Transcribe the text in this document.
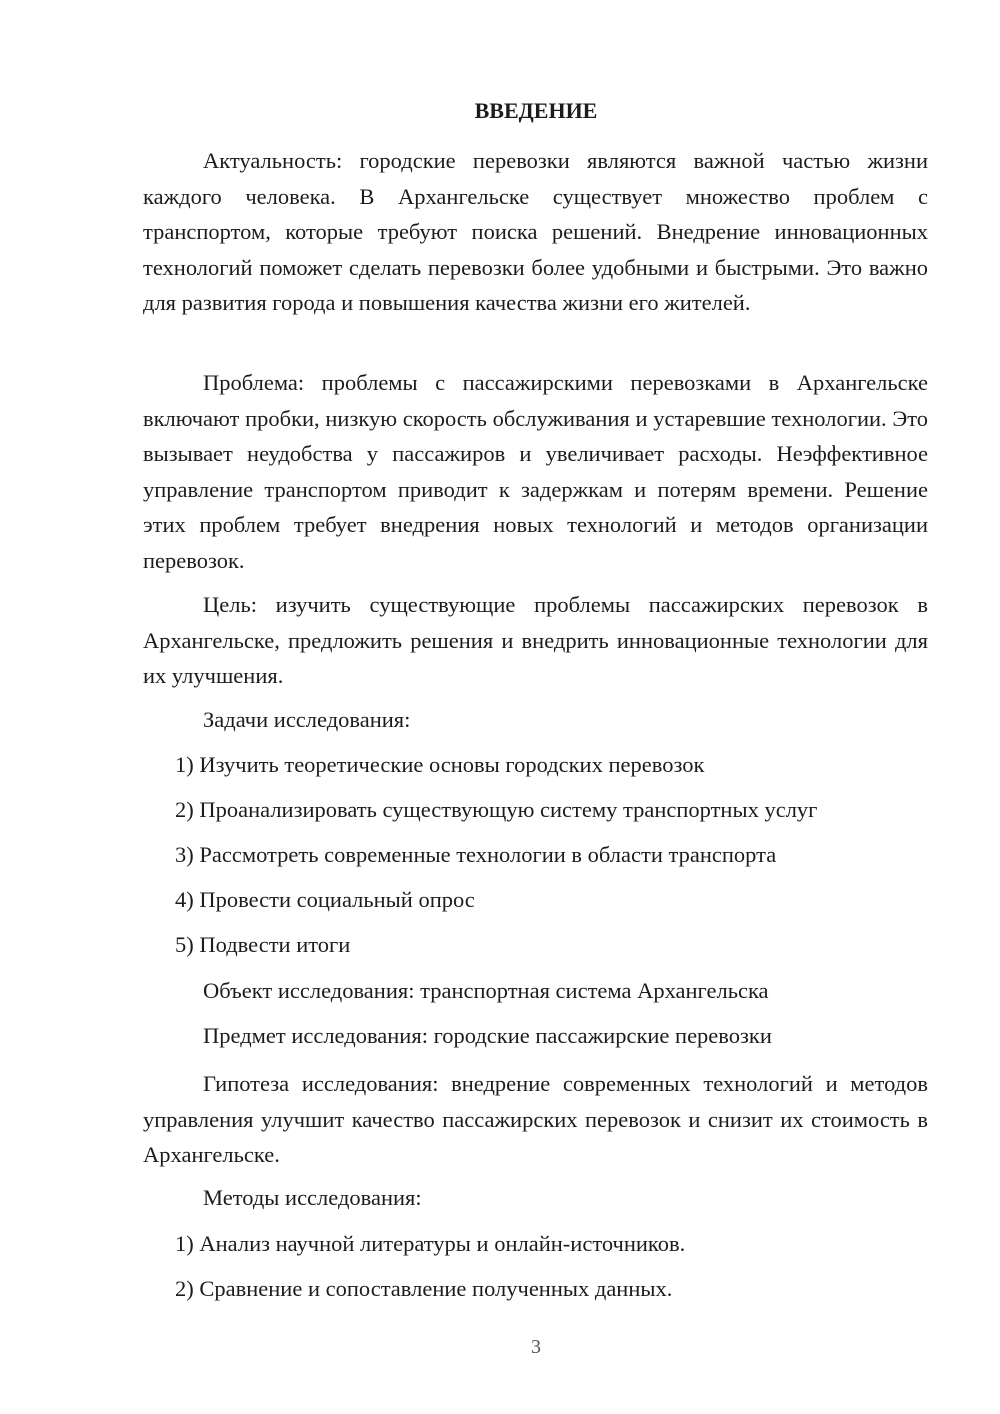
ВВЕДЕНИЕ

Актуальность: городские перевозки являются важной частью жизни каждого человека. В Архангельске существует множество проблем с транспортом, которые требуют поиска решений. Внедрение инновационных технологий поможет сделать перевозки более удобными и быстрыми. Это важно для развития города и повышения качества жизни его жителей.

Проблема: проблемы с пассажирскими перевозками в Архангельске включают пробки, низкую скорость обслуживания и устаревшие технологии. Это вызывает неудобства у пассажиров и увеличивает расходы. Неэффективное управление транспортом приводит к задержкам и потерям времени. Решение этих проблем требует внедрения новых технологий и методов организации перевозок.

Цель: изучить существующие проблемы пассажирских перевозок в Архангельске, предложить решения и внедрить инновационные технологии для их улучшения.

Задачи исследования:

1) Изучить теоретические основы городских перевозок

2) Проанализировать существующую систему транспортных услуг

3) Рассмотреть современные технологии в области транспорта

4) Провести социальный опрос

5) Подвести итоги

Объект исследования: транспортная система Архангельска

Предмет исследования: городские пассажирские перевозки

Гипотеза исследования: внедрение современных технологий и методов управления улучшит качество пассажирских перевозок и снизит их стоимость в Архангельске.

Методы исследования:

1) Анализ научной литературы и онлайн-источников.

2) Сравнение и сопоставление полученных данных.

3
